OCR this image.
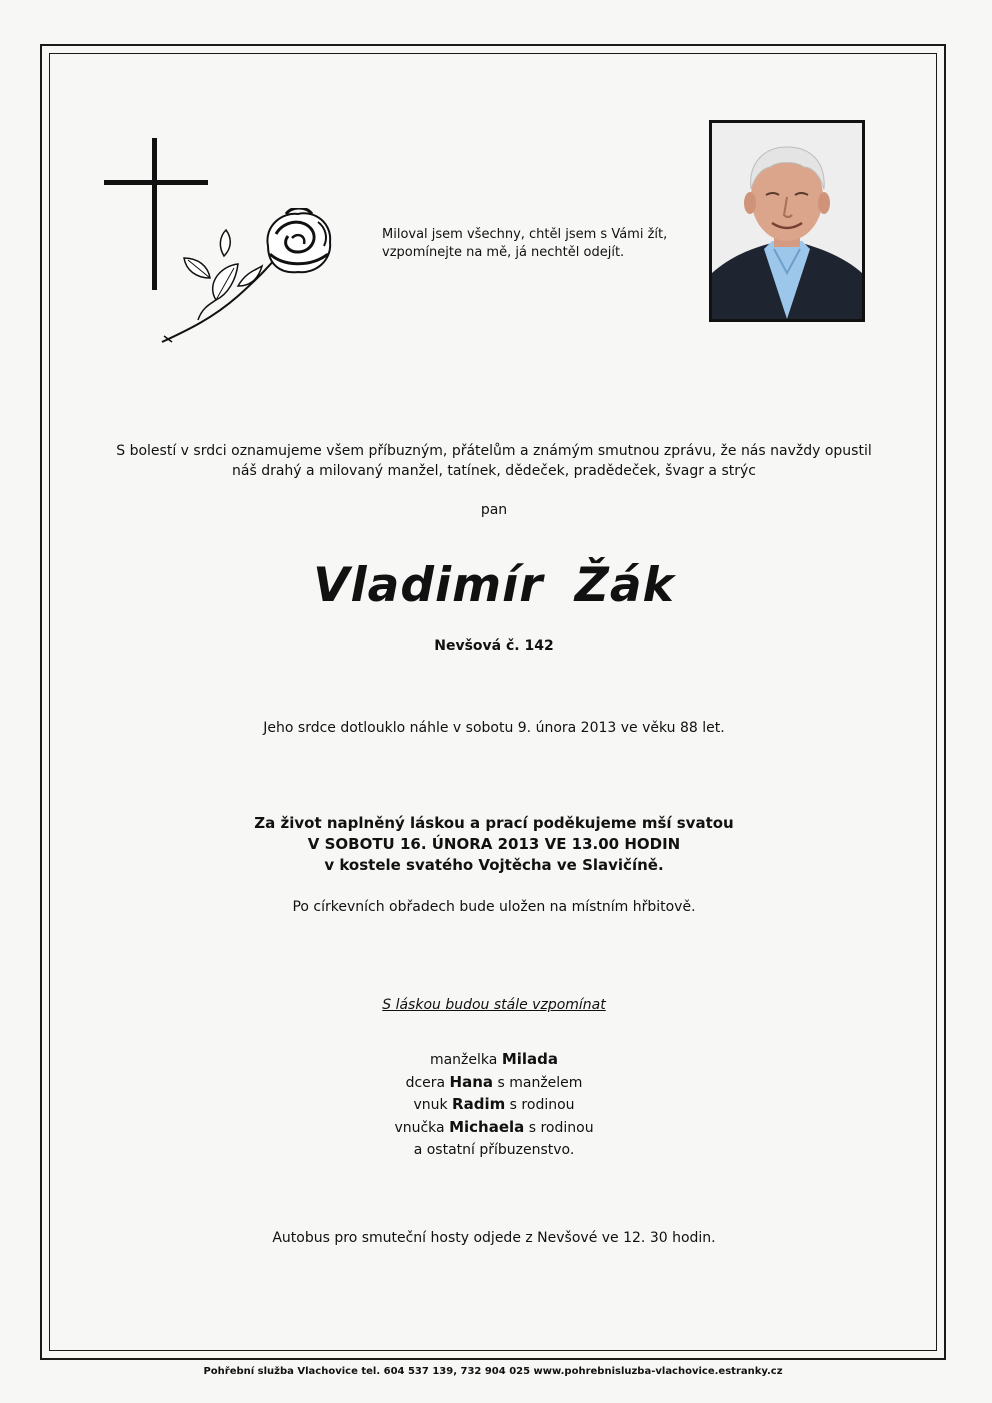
Miloval jsem všechny, chtěl jsem s Vámi žít,
vzpomínejte na mě, já nechtěl odejít.
S bolestí v srdci oznamujeme všem příbuzným, přátelům a známým smutnou zprávu, že nás navždy opustil
náš drahý a milovaný manžel, tatínek, dědeček, pradědeček, švagr a strýc
pan
Vladimír Žák
Nevšová č. 142
Jeho srdce dotlouklo náhle v sobotu 9. února 2013 ve věku 88 let.
Za život naplněný láskou a prací poděkujeme mší svatou
V SOBOTU 16. ÚNORA 2013 VE 13.00 HODIN
v kostele svatého Vojtěcha ve Slavičíně.
Po církevních obřadech bude uložen na místním hřbitově.
S láskou budou stále vzpomínat
manželka Milada
dcera Hana s manželem
vnuk Radim s rodinou
vnučka Michaela s rodinou
a ostatní příbuzenstvo.
Autobus pro smuteční hosty odjede z Nevšové ve 12. 30 hodin.
Pohřební služba Vlachovice tel. 604 537 139, 732 904 025 www.pohrebnisluzba-vlachovice.estranky.cz
